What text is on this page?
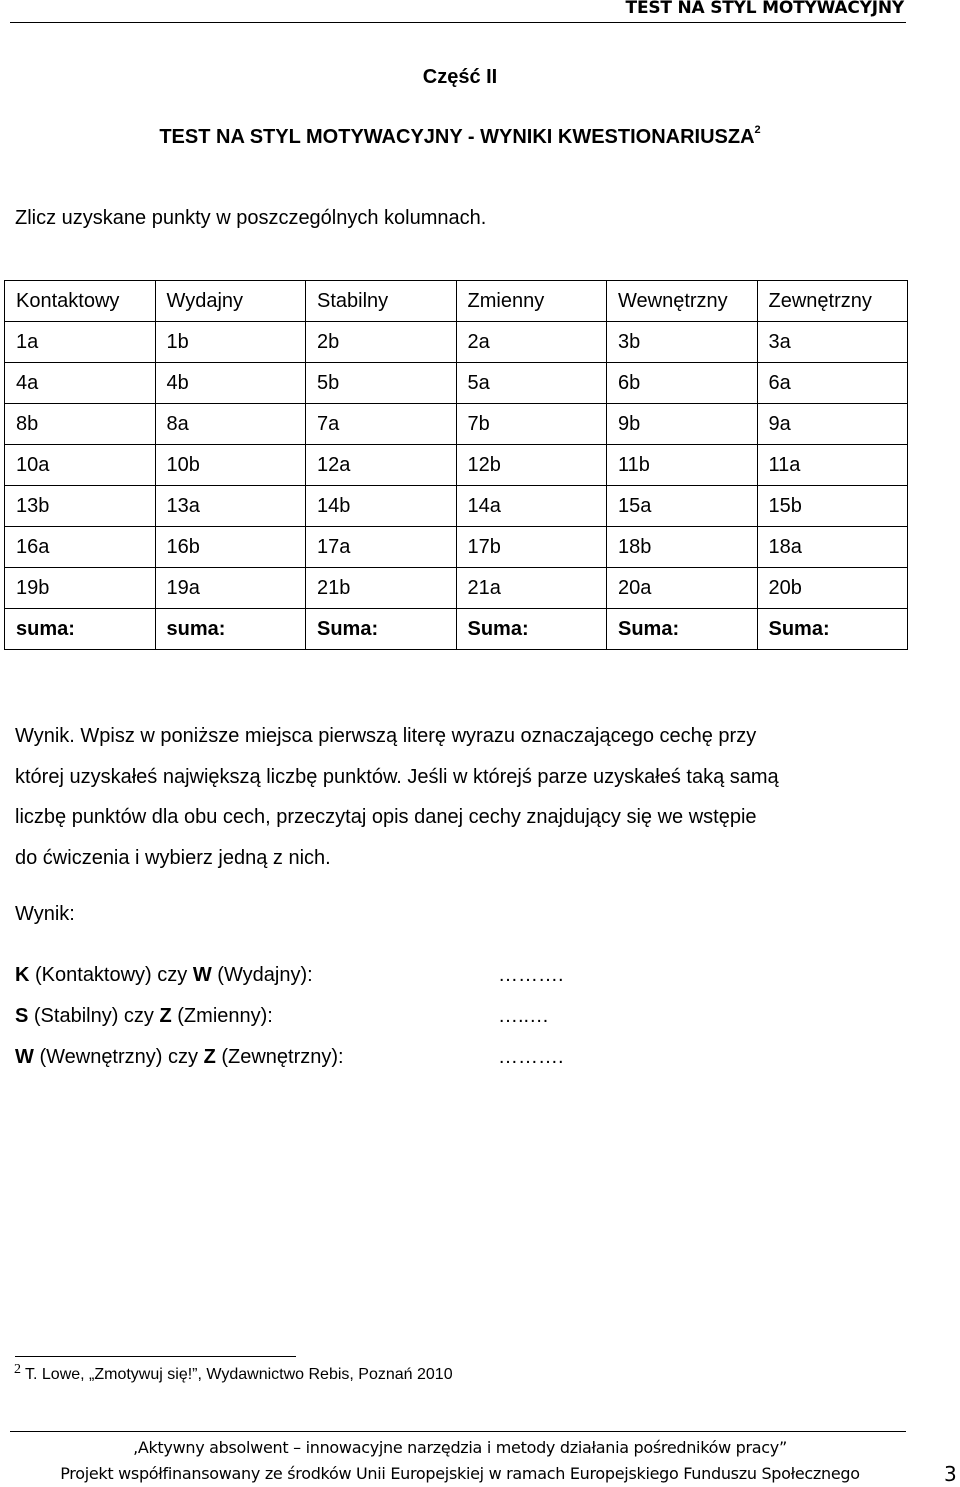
TEST NA STYL MOTYWACYJNY
Część II
TEST NA STYL MOTYWACYJNY - WYNIKI KWESTIONARIUSZA$^2$
Zlicz uzyskane punkty w poszczególnych kolumnach.
Kontaktowy	Wydajny	Stabilny	Zmienny	Wewnętrzny	Zewnętrzny
1a	1b	2b	2a	3b	3a
4a	4b	5b	5a	6b	6a
8b	8a	7a	7b	9b	9a
10a	10b	12a	12b	11b	11a
13b	13a	14b	14a	15a	15b
16a	16b	17a	17b	18b	18a
19b	19a	21b	21a	20a	20b
suma:	suma:	Suma:	Suma:	Suma:	Suma:
Wynik. Wpisz w poniższe miejsca pierwszą literę wyrazu oznaczającego cechę przy
której uzyskałeś największą liczbę punktów. Jeśli w którejś parze uzyskałeś taką samą
liczbę punktów dla obu cech, przeczytaj opis danej cechy znajdujący się we wstępie
do ćwiczenia i wybierz jedną z nich.
Wynik:
K (Kontaktowy) czy W (Wydajny):	……….
S (Stabilny) czy Z (Zmienny):	…..…
W (Wewnętrzny) czy Z (Zewnętrzny):	……….
2 T. Lowe, „Zmotywuj się!”, Wydawnictwo Rebis, Poznań 2010
‚Aktywny absolwent – innowacyjne narzędzia i metody działania pośredników pracy”
Projekt współfinansowany ze środków Unii Europejskiej w ramach Europejskiego Funduszu Społecznego	3
